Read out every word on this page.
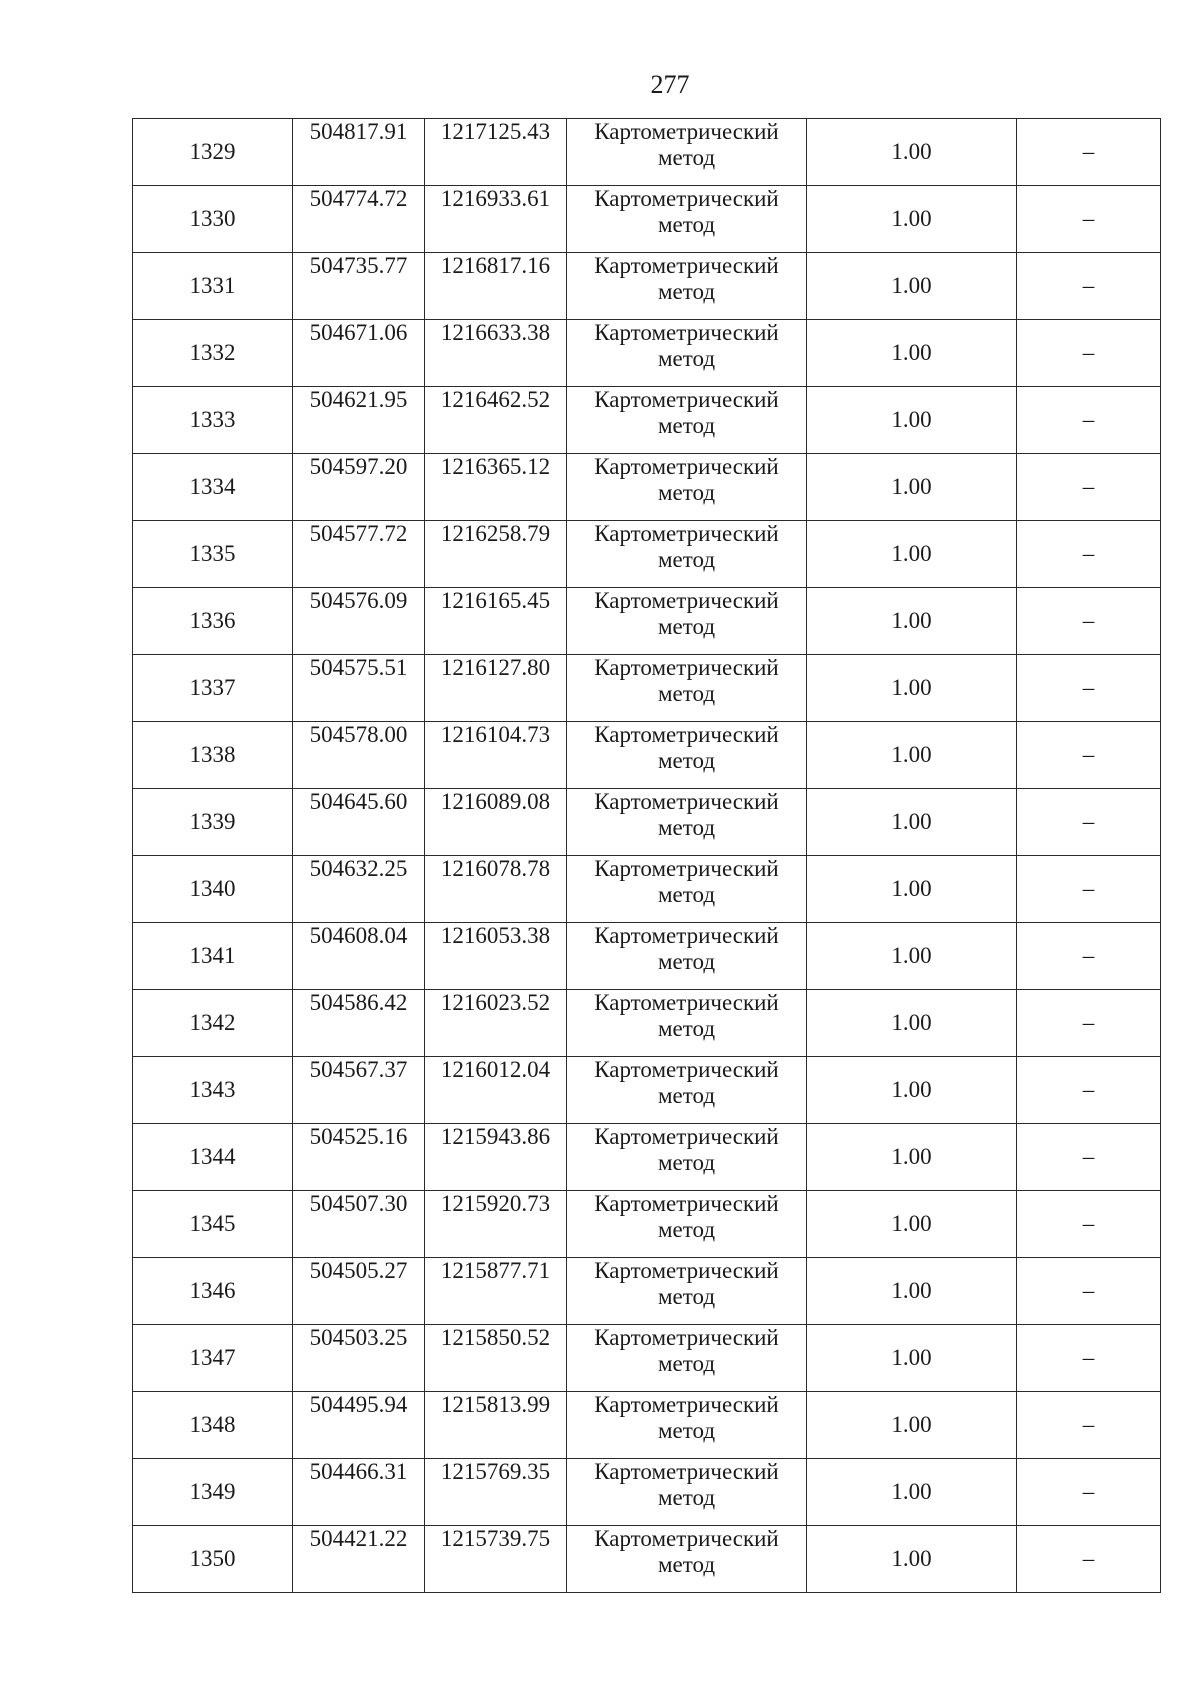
277
1329	504817.91	1217125.43	Картометрический
метод	1.00	–
1330	504774.72	1216933.61	Картометрический
метод	1.00	–
1331	504735.77	1216817.16	Картометрический
метод	1.00	–
1332	504671.06	1216633.38	Картометрический
метод	1.00	–
1333	504621.95	1216462.52	Картометрический
метод	1.00	–
1334	504597.20	1216365.12	Картометрический
метод	1.00	–
1335	504577.72	1216258.79	Картометрический
метод	1.00	–
1336	504576.09	1216165.45	Картометрический
метод	1.00	–
1337	504575.51	1216127.80	Картометрический
метод	1.00	–
1338	504578.00	1216104.73	Картометрический
метод	1.00	–
1339	504645.60	1216089.08	Картометрический
метод	1.00	–
1340	504632.25	1216078.78	Картометрический
метод	1.00	–
1341	504608.04	1216053.38	Картометрический
метод	1.00	–
1342	504586.42	1216023.52	Картометрический
метод	1.00	–
1343	504567.37	1216012.04	Картометрический
метод	1.00	–
1344	504525.16	1215943.86	Картометрический
метод	1.00	–
1345	504507.30	1215920.73	Картометрический
метод	1.00	–
1346	504505.27	1215877.71	Картометрический
метод	1.00	–
1347	504503.25	1215850.52	Картометрический
метод	1.00	–
1348	504495.94	1215813.99	Картометрический
метод	1.00	–
1349	504466.31	1215769.35	Картометрический
метод	1.00	–
1350	504421.22	1215739.75	Картометрический
метод	1.00	–
